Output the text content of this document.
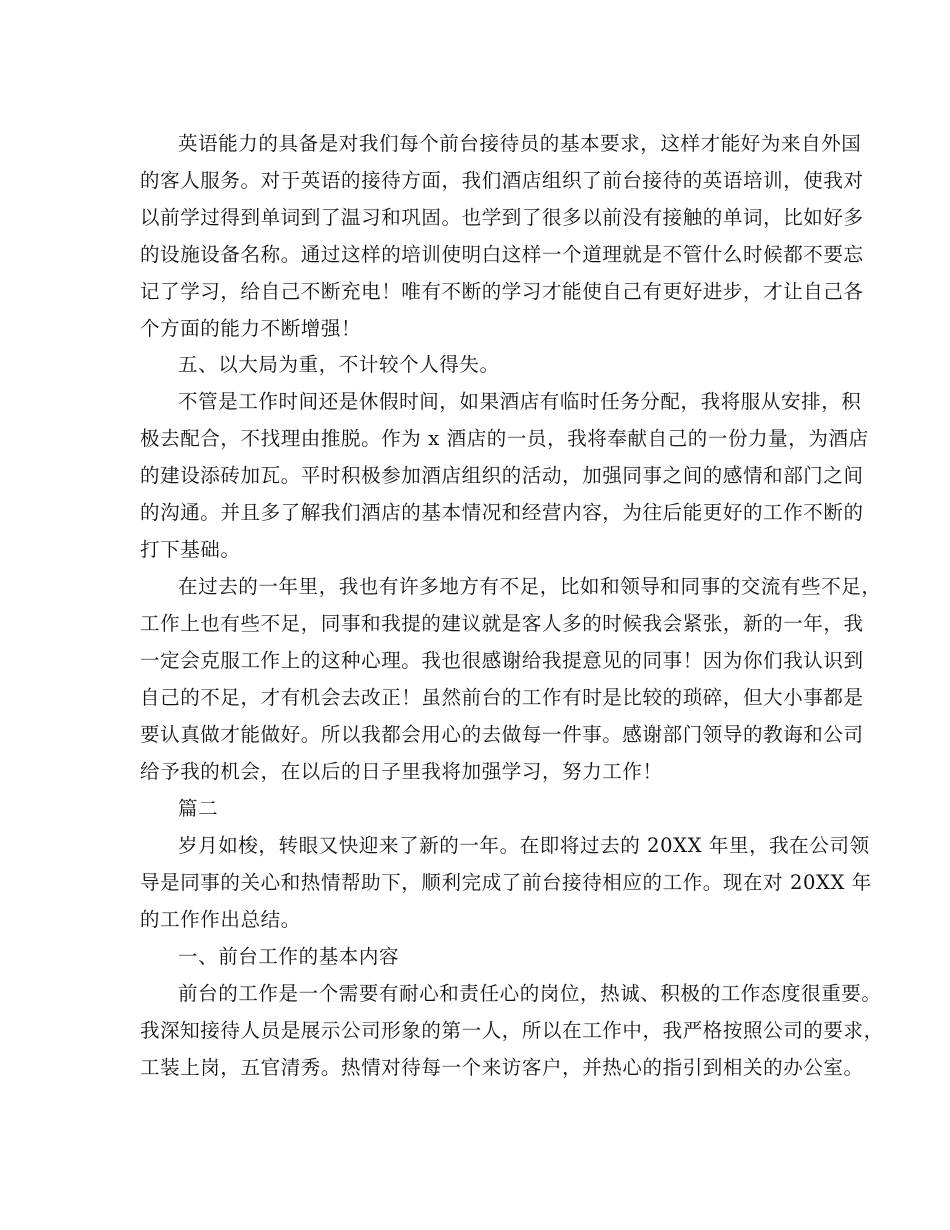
英语能力的具备是对我们每个前台接待员的基本要求，这样才能好为来自外国
的客人服务。对于英语的接待方面，我们酒店组织了前台接待的英语培训，使我对
以前学过得到单词到了温习和巩固。也学到了很多以前没有接触的单词，比如好多
的设施设备名称。通过这样的培训使明白这样一个道理就是不管什么时候都不要忘
记了学习，给自己不断充电！唯有不断的学习才能使自己有更好进步，才让自己各
个方面的能力不断增强！
五、以大局为重，不计较个人得失。
不管是工作时间还是休假时间，如果酒店有临时任务分配，我将服从安排，积
极去配合，不找理由推脱。作为 x 酒店的一员，我将奉献自己的一份力量，为酒店
的建设添砖加瓦。平时积极参加酒店组织的活动，加强同事之间的感情和部门之间
的沟通。并且多了解我们酒店的基本情况和经营内容，为往后能更好的工作不断的
打下基础。
在过去的一年里，我也有许多地方有不足，比如和领导和同事的交流有些不足，
工作上也有些不足，同事和我提的建议就是客人多的时候我会紧张，新的一年，我
一定会克服工作上的这种心理。我也很感谢给我提意见的同事！因为你们我认识到
自己的不足，才有机会去改正！虽然前台的工作有时是比较的琐碎，但大小事都是
要认真做才能做好。所以我都会用心的去做每一件事。感谢部门领导的教诲和公司
给予我的机会，在以后的日子里我将加强学习，努力工作！
篇二
岁月如梭，转眼又快迎来了新的一年。在即将过去的 20XX 年里，我在公司领
导是同事的关心和热情帮助下，顺利完成了前台接待相应的工作。现在对 20XX 年
的工作作出总结。
一、前台工作的基本内容
前台的工作是一个需要有耐心和责任心的岗位，热诚、积极的工作态度很重要。
我深知接待人员是展示公司形象的第一人，所以在工作中，我严格按照公司的要求，
工装上岗，五官清秀。热情对待每一个来访客户，并热心的指引到相关的办公室。
